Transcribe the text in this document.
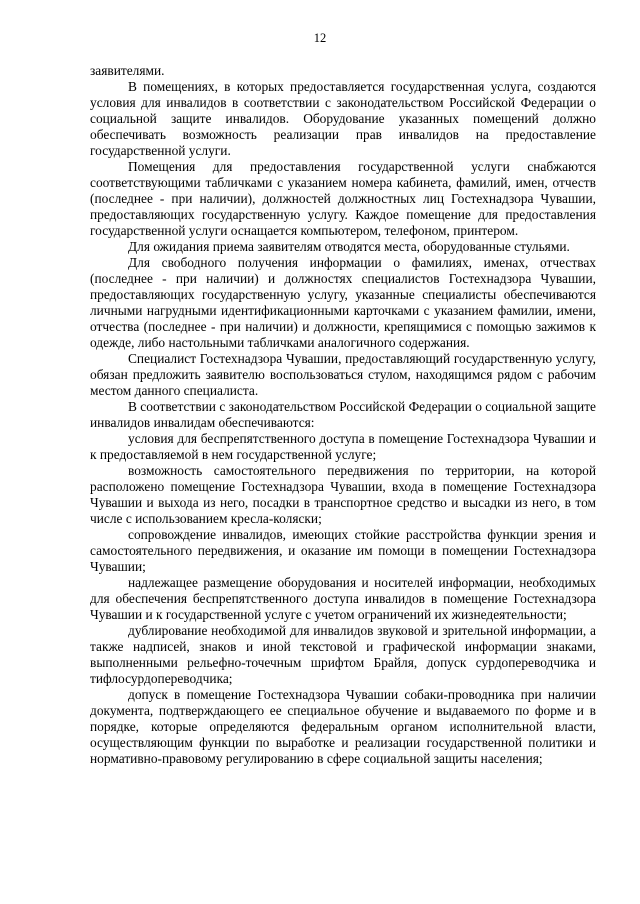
12

заявителями.

В помещениях, в которых предоставляется государственная услуга, создаются условия для инвалидов в соответствии с законодательством Российской Федерации о социальной защите инвалидов. Оборудование указанных помещений должно обеспечивать возможность реализации прав инвалидов на предоставление государственной услуги.

Помещения для предоставления государственной услуги снабжаются соответствующими табличками с указанием номера кабинета, фамилий, имен, отчеств (последнее - при наличии), должностей должностных лиц Гостехнадзора Чувашии, предоставляющих государственную услугу. Каждое помещение для предоставления государственной услуги оснащается компьютером, телефоном, принтером.

Для ожидания приема заявителям отводятся места, оборудованные стульями.

Для свободного получения информации о фамилиях, именах, отчествах (последнее - при наличии) и должностях специалистов Гостехнадзора Чувашии, предоставляющих государственную услугу, указанные специалисты обеспечиваются личными нагрудными идентификационными карточками с указанием фамилии, имени, отчества (последнее - при наличии) и должности, крепящимися с помощью зажимов к одежде, либо настольными табличками аналогичного содержания.

Специалист Гостехнадзора Чувашии, предоставляющий государственную услугу, обязан предложить заявителю воспользоваться стулом, находящимся рядом с рабочим местом данного специалиста.

В соответствии с законодательством Российской Федерации о социальной защите инвалидов инвалидам обеспечиваются:

условия для беспрепятственного доступа в помещение Гостехнадзора Чувашии и к предоставляемой в нем государственной услуге;

возможность самостоятельного передвижения по территории, на которой расположено помещение Гостехнадзора Чувашии, входа в помещение Гостехнадзора Чувашии и выхода из него, посадки в транспортное средство и высадки из него, в том числе с использованием кресла-коляски;

сопровождение инвалидов, имеющих стойкие расстройства функции зрения и самостоятельного передвижения, и оказание им помощи в помещении Гостехнадзора Чувашии;

надлежащее размещение оборудования и носителей информации, необходимых для обеспечения беспрепятственного доступа инвалидов в помещение Гостехнадзора Чувашии и к государственной услуге с учетом ограничений их жизнедеятельности;

дублирование необходимой для инвалидов звуковой и зрительной информации, а также надписей, знаков и иной текстовой и графической информации знаками, выполненными рельефно-точечным шрифтом Брайля, допуск сурдопереводчика и тифлосурдопереводчика;

допуск в помещение Гостехнадзора Чувашии собаки-проводника при наличии документа, подтверждающего ее специальное обучение и выдаваемого по форме и в порядке, которые определяются федеральным органом исполнительной власти, осуществляющим функции по выработке и реализации государственной политики и нормативно-правовому регулированию в сфере социальной защиты населения;
